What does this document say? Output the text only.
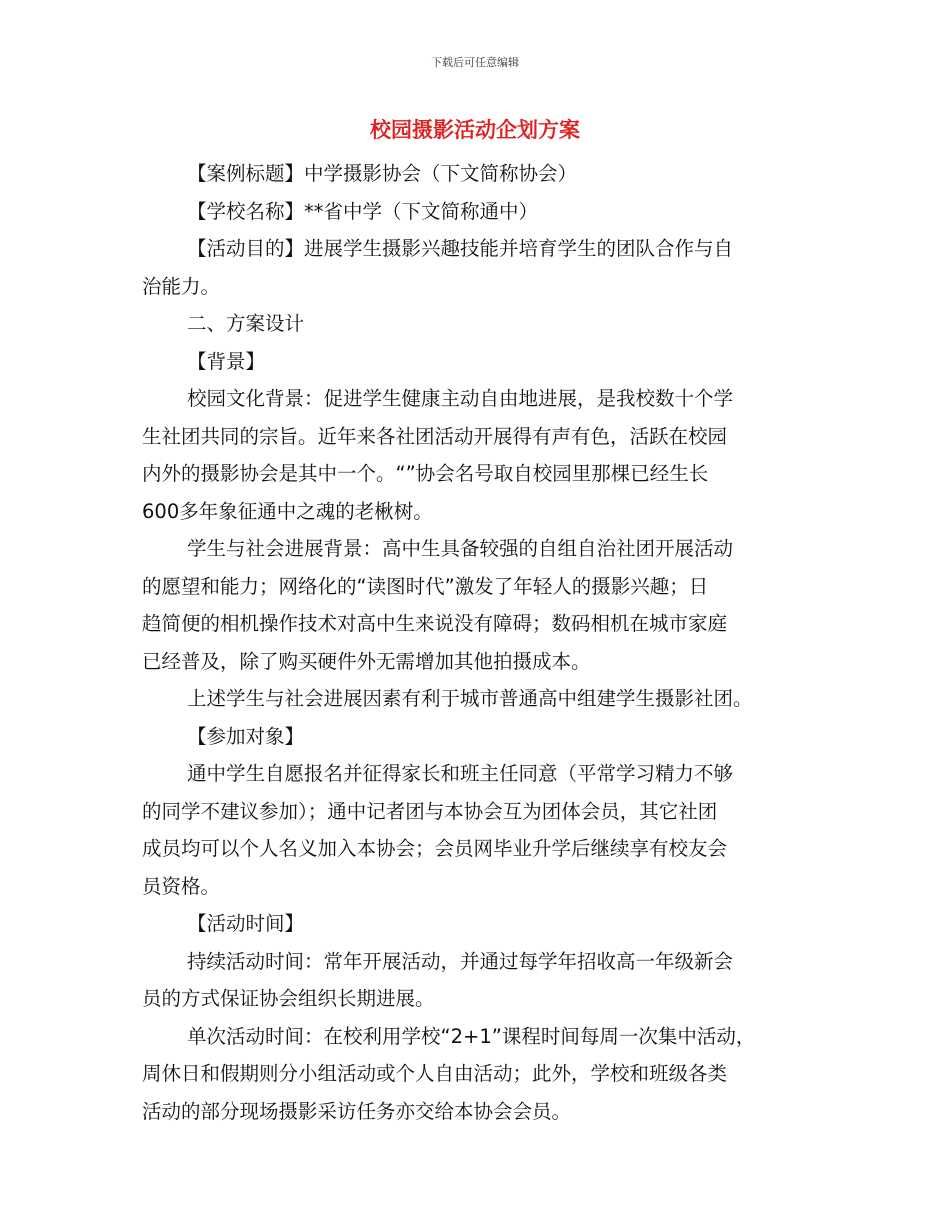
下载后可任意编辑
校园摄影活动企划方案

【案例标题】中学摄影协会（下文简称协会）

【学校名称】**省中学（下文简称通中）

【活动目的】进展学生摄影兴趣技能并培育学生的团队合作与自

治能力。

二、方案设计

【背景】

校园文化背景：促进学生健康主动自由地进展，是我校数十个学

生社团共同的宗旨。近年来各社团活动开展得有声有色，活跃在校园

内外的摄影协会是其中一个。“”协会名号取自校园里那棵已经生长

600多年象征通中之魂的老楸树。

学生与社会进展背景：高中生具备较强的自组自治社团开展活动

的愿望和能力；网络化的“读图时代”激发了年轻人的摄影兴趣；日

趋简便的相机操作技术对高中生来说没有障碍；数码相机在城市家庭

已经普及，除了购买硬件外无需增加其他拍摄成本。

上述学生与社会进展因素有利于城市普通高中组建学生摄影社团。

【参加对象】

通中学生自愿报名并征得家长和班主任同意（平常学习精力不够

的同学不建议参加）；通中记者团与本协会互为团体会员，其它社团

成员均可以个人名义加入本协会；会员网毕业升学后继续享有校友会

员资格。

【活动时间】

持续活动时间：常年开展活动，并通过每学年招收高一年级新会

员的方式保证协会组织长期进展。

单次活动时间：在校利用学校“2+1”课程时间每周一次集中活动，

周休日和假期则分小组活动或个人自由活动；此外，学校和班级各类

活动的部分现场摄影采访任务亦交给本协会会员。
